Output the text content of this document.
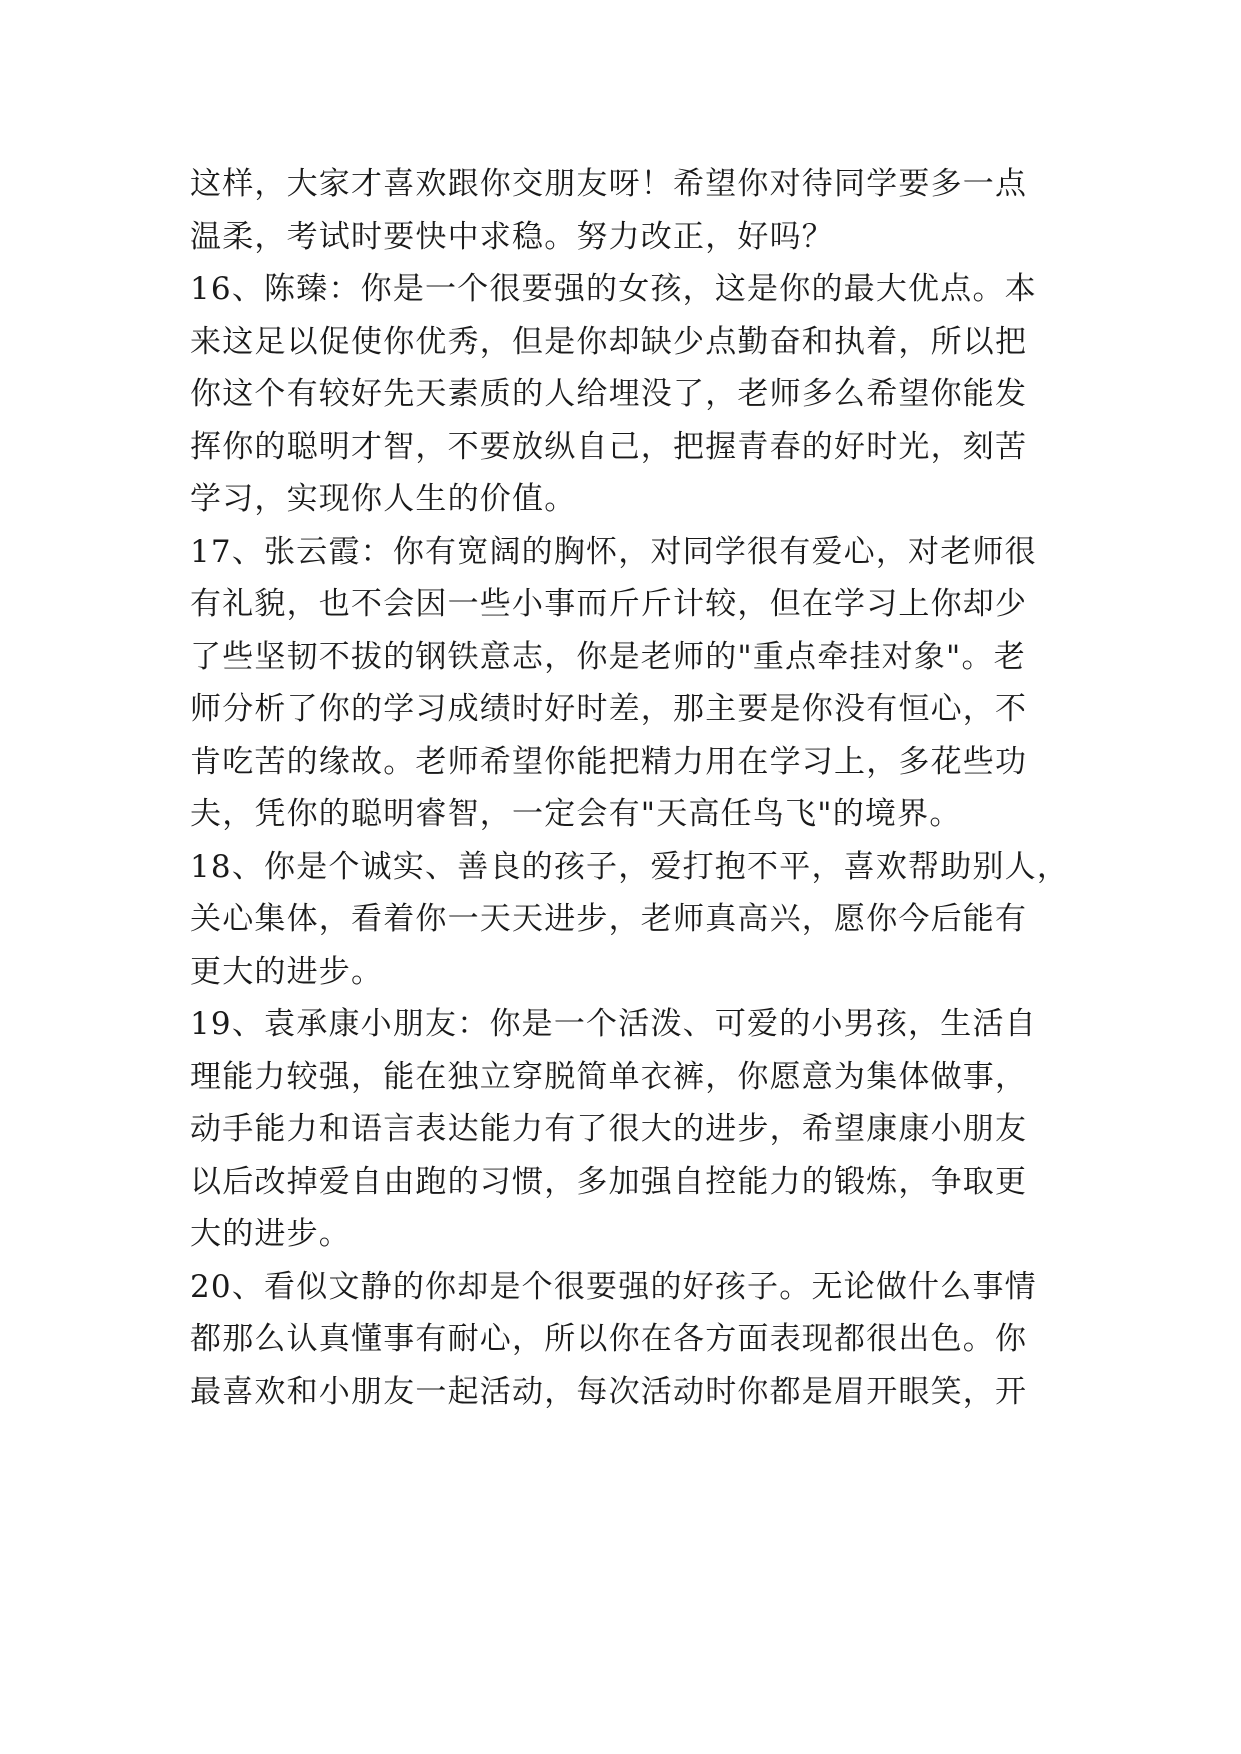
这样，大家才喜欢跟你交朋友呀！希望你对待同学要多一点
温柔，考试时要快中求稳。努力改正，好吗？
16、陈臻：你是一个很要强的女孩，这是你的最大优点。本
来这足以促使你优秀，但是你却缺少点勤奋和执着，所以把
你这个有较好先天素质的人给埋没了，老师多么希望你能发
挥你的聪明才智，不要放纵自己，把握青春的好时光，刻苦
学习，实现你人生的价值。
17、张云霞：你有宽阔的胸怀，对同学很有爱心，对老师很
有礼貌，也不会因一些小事而斤斤计较，但在学习上你却少
了些坚韧不拔的钢铁意志，你是老师的"重点牵挂对象"。老
师分析了你的学习成绩时好时差，那主要是你没有恒心，不
肯吃苦的缘故。老师希望你能把精力用在学习上，多花些功
夫，凭你的聪明睿智，一定会有"天高任鸟飞"的境界。
18、你是个诚实、善良的孩子，爱打抱不平，喜欢帮助别人，
关心集体，看着你一天天进步，老师真高兴，愿你今后能有
更大的进步。
19、袁承康小朋友：你是一个活泼、可爱的小男孩，生活自
理能力较强，能在独立穿脱简单衣裤，你愿意为集体做事，
动手能力和语言表达能力有了很大的进步，希望康康小朋友
以后改掉爱自由跑的习惯，多加强自控能力的锻炼，争取更
大的进步。
20、看似文静的你却是个很要强的好孩子。无论做什么事情
都那么认真懂事有耐心，所以你在各方面表现都很出色。你
最喜欢和小朋友一起活动，每次活动时你都是眉开眼笑，开
